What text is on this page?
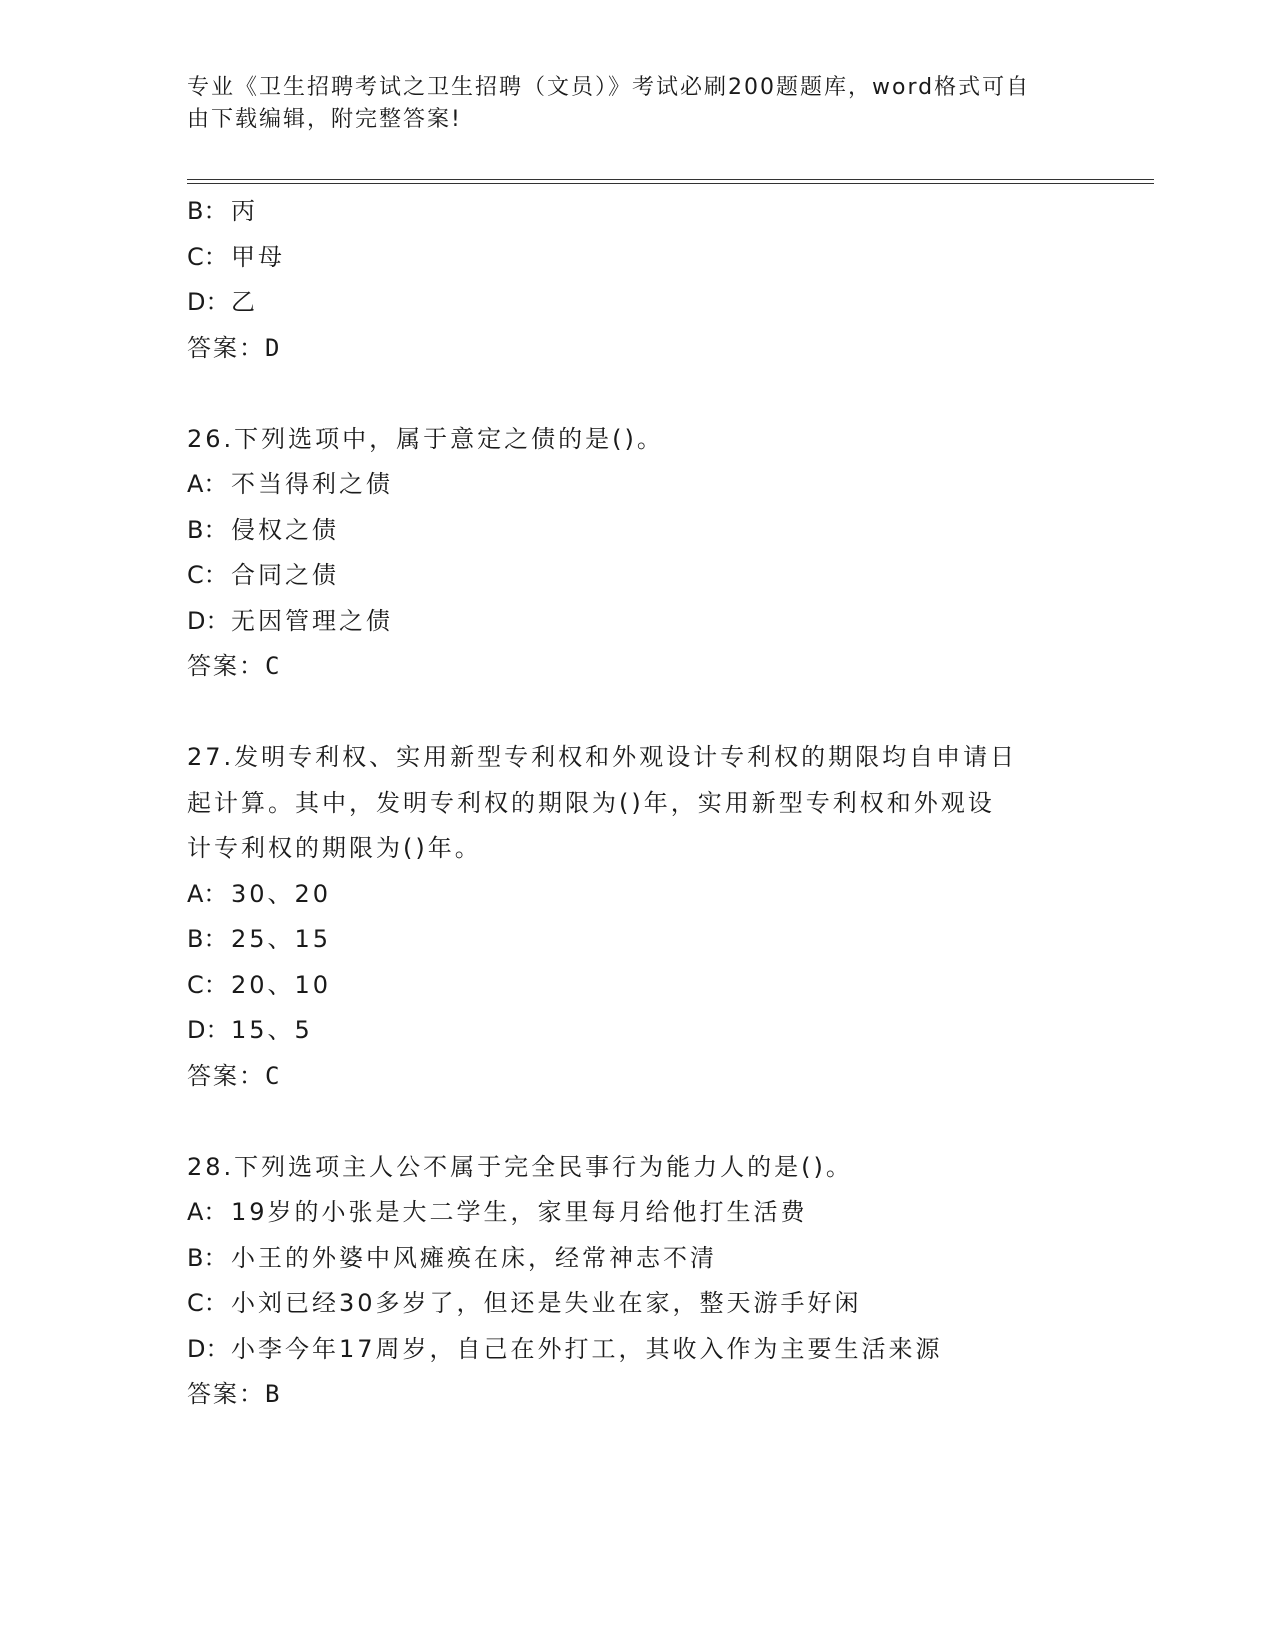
专业《卫生招聘考试之卫生招聘（文员）》考试必刷200题题库，word格式可自
由下载编辑，附完整答案!
B： 丙
C： 甲母
D：乙
答案：D
26.下列选项中，属于意定之债的是()。
A： 不当得利之债
B： 侵权之债
C： 合同之债
D：无因管理之债
答案：C
27.发明专利权、实用新型专利权和外观设计专利权的期限均自申请日
起计算。其中，发明专利权的期限为()年，实用新型专利权和外观设
计专利权的期限为()年。
A： 30、20
B： 25、15
C： 20、10
D：15、5
答案：C
28.下列选项主人公不属于完全民事行为能力人的是()。
A： 19岁的小张是大二学生，家里每月给他打生活费
B： 小王的外婆中风瘫痪在床，经常神志不清
C： 小刘已经30多岁了，但还是失业在家，整天游手好闲
D：小李今年17周岁，自己在外打工，其收入作为主要生活来源
答案：B
